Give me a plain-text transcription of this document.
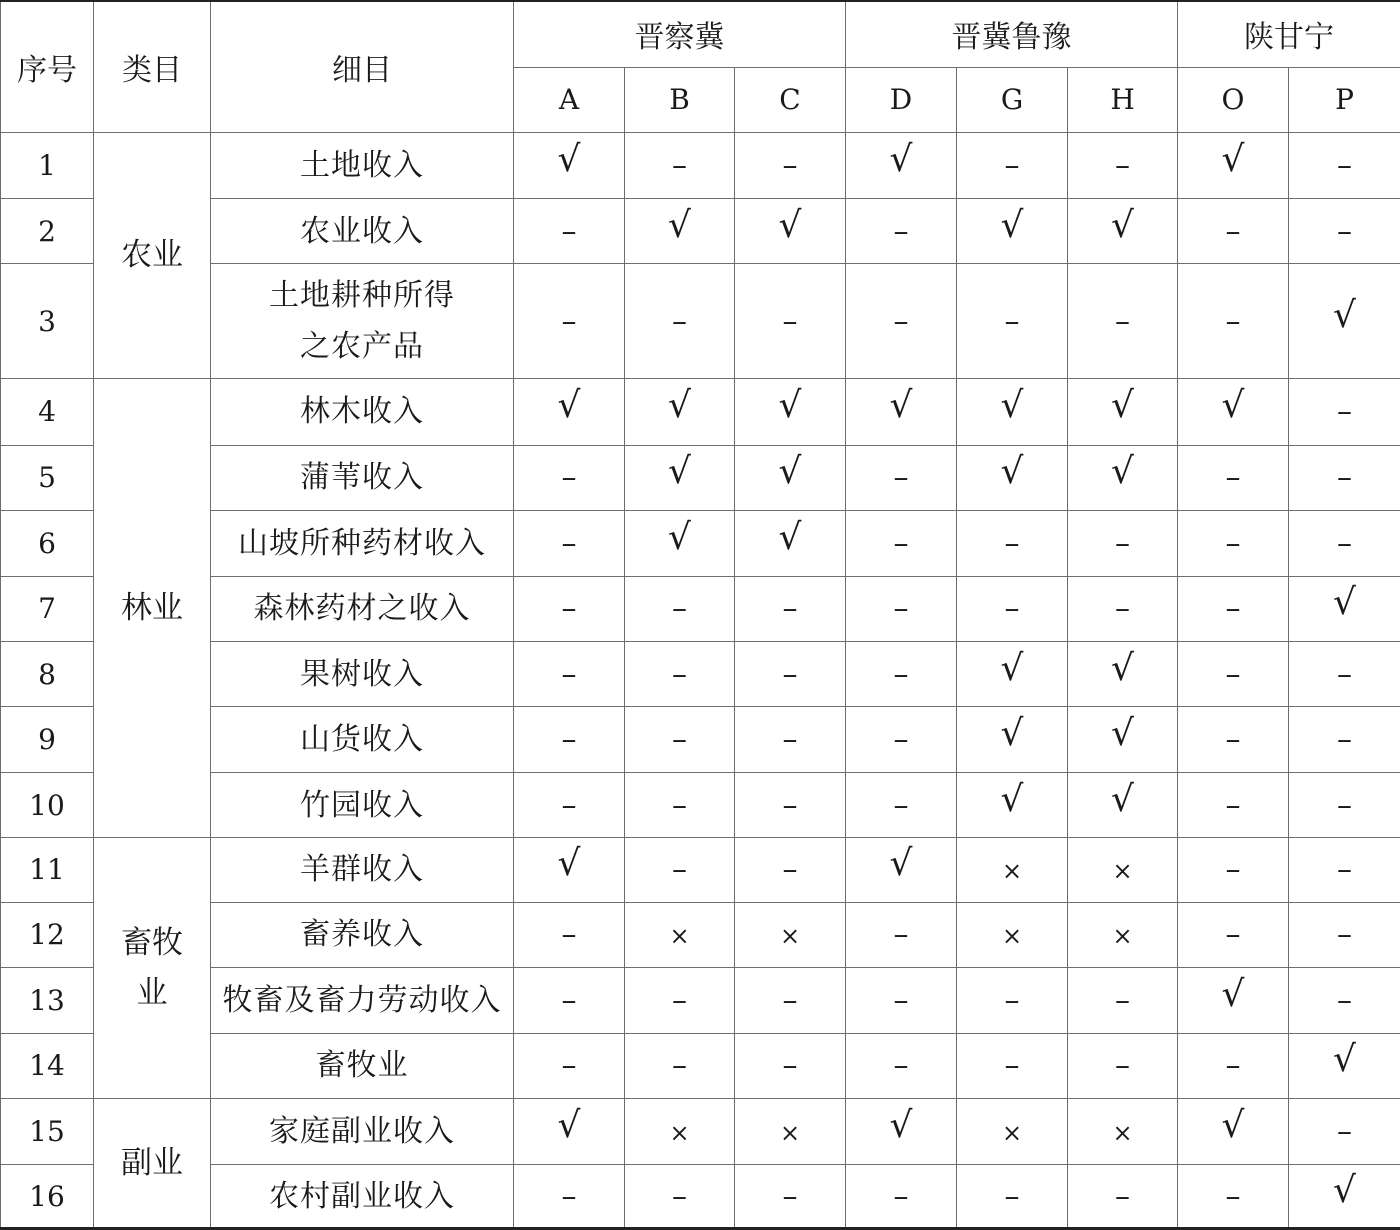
序号	类目	细目	晋察冀			晋冀鲁豫			陕甘宁	
			A	B	C	D	G	H	O	P
1	农业	土地收入	√	–	–	√	–	–	√	–
2		农业收入	–	√	√	–	√	√	–	–
3		土地耕种所得
之农产品	–	–	–	–	–	–	–	√
4	林业	林木收入	√	√	√	√	√	√	√	–
5		蒲苇收入	–	√	√	–	√	√	–	–
6		山坡所种药材收入	–	√	√	–	–	–	–	–
7		森林药材之收入	–	–	–	–	–	–	–	√
8		果树收入	–	–	–	–	√	√	–	–
9		山货收入	–	–	–	–	√	√	–	–
10		竹园收入	–	–	–	–	√	√	–	–
11	畜牧
业	羊群收入	√	–	–	√	×	×	–	–
12		畜养收入	–	×	×	–	×	×	–	–
13		牧畜及畜力劳动收入	–	–	–	–	–	–	√	–
14		畜牧业	–	–	–	–	–	–	–	√
15	副业	家庭副业收入	√	×	×	√	×	×	√	–
16		农村副业收入	–	–	–	–	–	–	–	√
